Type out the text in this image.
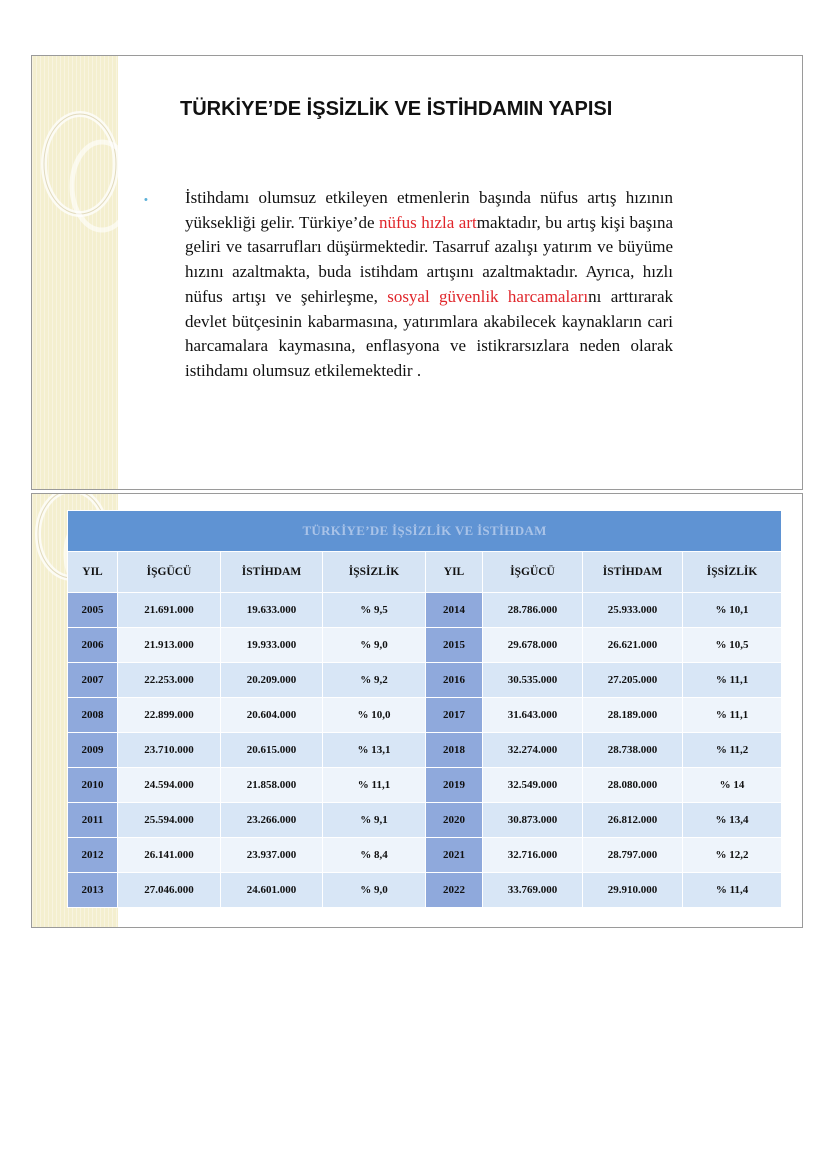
TÜRKİYE’DE İŞSİZLİK VE İSTİHDAMIN YAPISI
• İstihdamı olumsuz etkileyen etmenlerin başında nüfus artış hızının yüksekliği gelir. Türkiye’de nüfus hızla artmaktadır, bu artış kişi başına geliri ve tasarrufları düşürmektedir. Tasarruf azalışı yatırım ve büyüme hızını azaltmakta, buda istihdam artışını azaltmaktadır. Ayrıca, hızlı nüfus artışı ve şehirleşme, sosyal güvenlik harcamalarını arttırarak devlet bütçesinin kabarmasına, yatırımlara akabilecek kaynakların cari harcamalara kaymasına, enflasyona ve istikrarsızlara neden olarak istihdamı olumsuz etkilemektedir .

TÜRKİYE’DE İŞSİZLİK VE İSTİHDAM							
YIL	İŞGÜCÜ	İSTİHDAM	İŞSİZLİK	YIL	İŞGÜCÜ	İSTİHDAM	İŞSİZLİK
2005	21.691.000	19.633.000	% 9,5	2014	28.786.000	25.933.000	% 10,1
2006	21.913.000	19.933.000	% 9,0	2015	29.678.000	26.621.000	% 10,5
2007	22.253.000	20.209.000	% 9,2	2016	30.535.000	27.205.000	% 11,1
2008	22.899.000	20.604.000	% 10,0	2017	31.643.000	28.189.000	% 11,1
2009	23.710.000	20.615.000	% 13,1	2018	32.274.000	28.738.000	% 11,2
2010	24.594.000	21.858.000	% 11,1	2019	32.549.000	28.080.000	% 14
2011	25.594.000	23.266.000	% 9,1	2020	30.873.000	26.812.000	% 13,4
2012	26.141.000	23.937.000	% 8,4	2021	32.716.000	28.797.000	% 12,2
2013	27.046.000	24.601.000	% 9,0	2022	33.769.000	29.910.000	% 11,4
